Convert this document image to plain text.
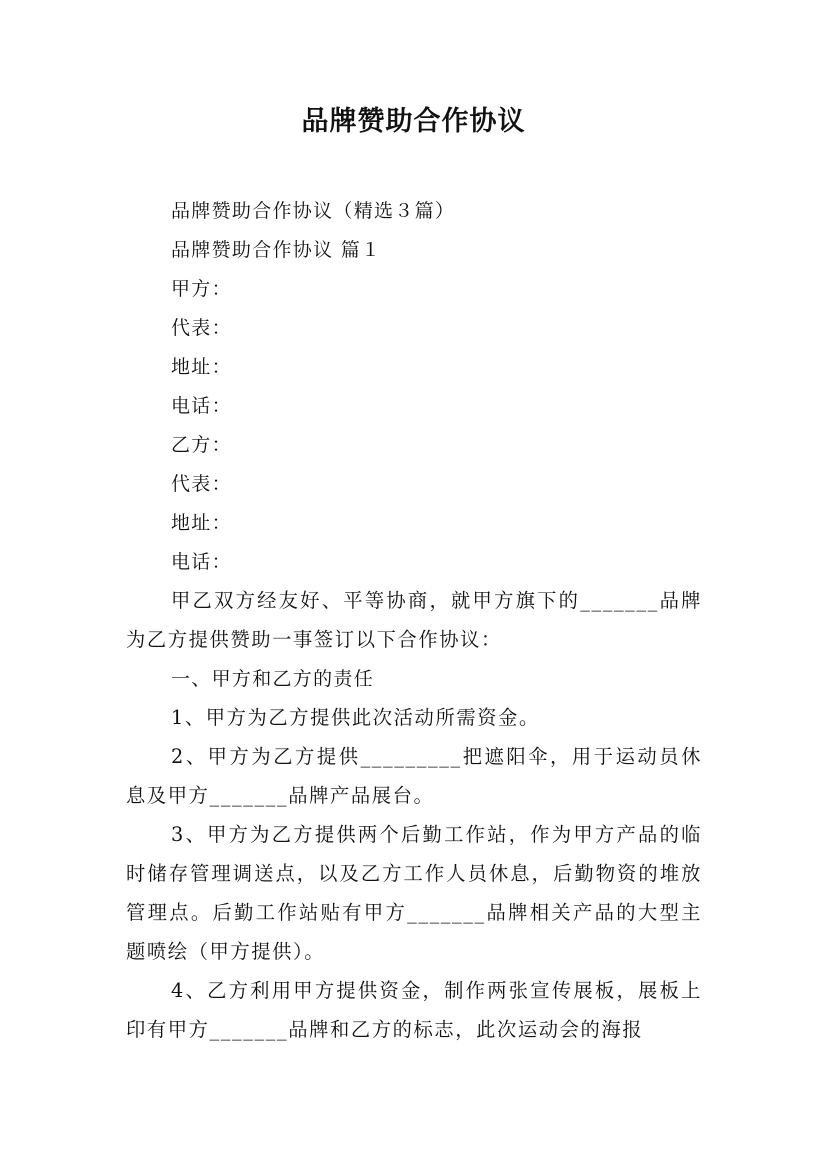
品牌赞助合作协议
品牌赞助合作协议（精选３篇）
品牌赞助合作协议 篇１
甲方：
代表：
地址：
电话：
乙方：
代表：
地址：
电话：

甲乙双方经友好、平等协商，就甲方旗下的_______品牌为乙方提供赞助一事签订以下合作协议：

一、甲方和乙方的责任

1、甲方为乙方提供此次活动所需资金。

2、甲方为乙方提供_________把遮阳伞，用于运动员休息及甲方_______品牌产品展台。

3、甲方为乙方提供两个后勤工作站，作为甲方产品的临时储存管理调送点，以及乙方工作人员休息，后勤物资的堆放管理点。后勤工作站贴有甲方_______品牌相关产品的大型主题喷绘（甲方提供）。

4、乙方利用甲方提供资金，制作两张宣传展板，展板上印有甲方_______品牌和乙方的标志，此次运动会的海报
